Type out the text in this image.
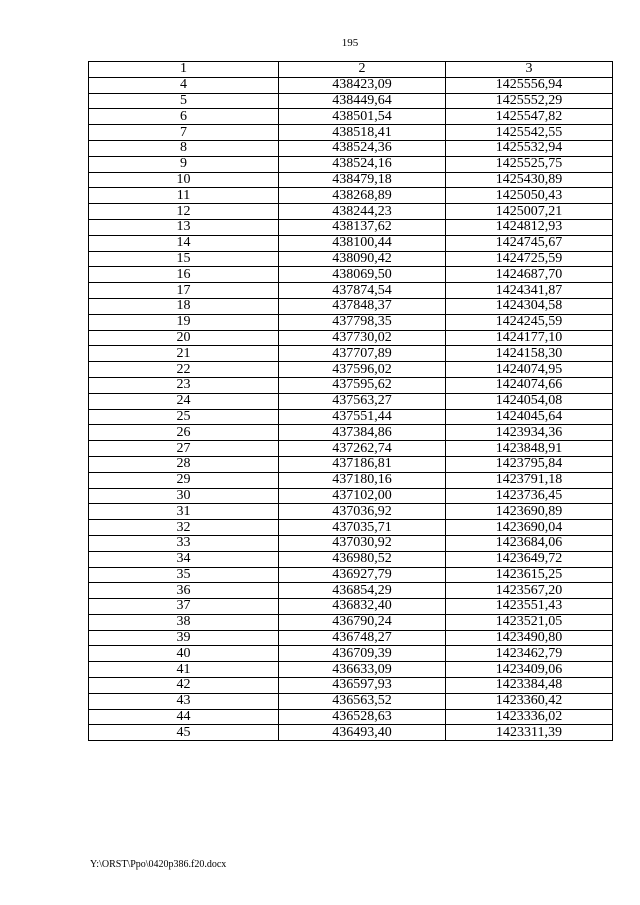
195
1	2	3
4	438423,09	1425556,94
5	438449,64	1425552,29
6	438501,54	1425547,82
7	438518,41	1425542,55
8	438524,36	1425532,94
9	438524,16	1425525,75
10	438479,18	1425430,89
11	438268,89	1425050,43
12	438244,23	1425007,21
13	438137,62	1424812,93
14	438100,44	1424745,67
15	438090,42	1424725,59
16	438069,50	1424687,70
17	437874,54	1424341,87
18	437848,37	1424304,58
19	437798,35	1424245,59
20	437730,02	1424177,10
21	437707,89	1424158,30
22	437596,02	1424074,95
23	437595,62	1424074,66
24	437563,27	1424054,08
25	437551,44	1424045,64
26	437384,86	1423934,36
27	437262,74	1423848,91
28	437186,81	1423795,84
29	437180,16	1423791,18
30	437102,00	1423736,45
31	437036,92	1423690,89
32	437035,71	1423690,04
33	437030,92	1423684,06
34	436980,52	1423649,72
35	436927,79	1423615,25
36	436854,29	1423567,20
37	436832,40	1423551,43
38	436790,24	1423521,05
39	436748,27	1423490,80
40	436709,39	1423462,79
41	436633,09	1423409,06
42	436597,93	1423384,48
43	436563,52	1423360,42
44	436528,63	1423336,02
45	436493,40	1423311,39
Y:\ORST\Ppo\0420p386.f20.docx
